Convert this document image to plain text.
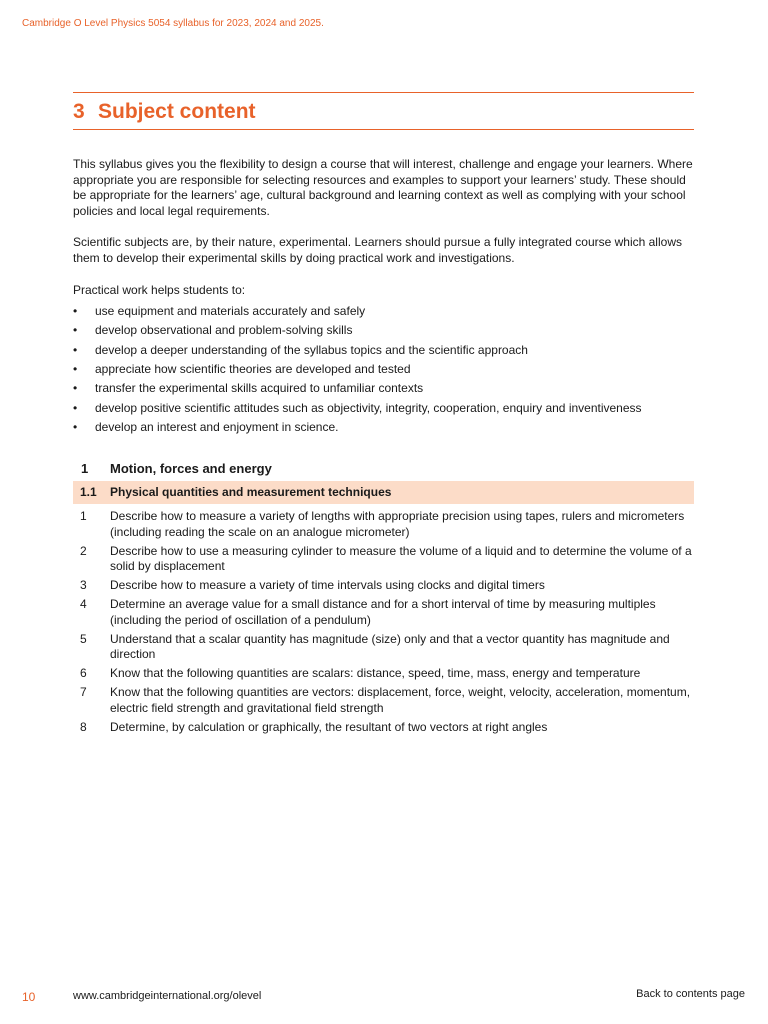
Cambridge O Level Physics 5054 syllabus for 2023, 2024 and 2025.
3 Subject content

This syllabus gives you the flexibility to design a course that will interest, challenge and engage your learners. Where appropriate you are responsible for selecting resources and examples to support your learners’ study. These should be appropriate for the learners’ age, cultural background and learning context as well as complying with your school policies and local legal requirements.

Scientific subjects are, by their nature, experimental. Learners should pursue a fully integrated course which allows them to develop their experimental skills by doing practical work and investigations.

Practical work helps students to:

• use equipment and materials accurately and safely
• develop observational and problem-solving skills
• develop a deeper understanding of the syllabus topics and the scientific approach
• appreciate how scientific theories are developed and tested
• transfer the experimental skills acquired to unfamiliar contexts
• develop positive scientific attitudes such as objectivity, integrity, cooperation, enquiry and inventiveness
• develop an interest and enjoyment in science.
1 Motion, forces and energy
1.1 Physical quantities and measurement techniques
1 Describe how to measure a variety of lengths with appropriate precision using tapes, rulers and micrometers (including reading the scale on an analogue micrometer)
2 Describe how to use a measuring cylinder to measure the volume of a liquid and to determine the volume of a solid by displacement
3 Describe how to measure a variety of time intervals using clocks and digital timers
4 Determine an average value for a small distance and for a short interval of time by measuring multiples (including the period of oscillation of a pendulum)
5 Understand that a scalar quantity has magnitude (size) only and that a vector quantity has magnitude and direction
6 Know that the following quantities are scalars: distance, speed, time, mass, energy and temperature
7 Know that the following quantities are vectors: displacement, force, weight, velocity, acceleration, momentum, electric field strength and gravitational field strength
8 Determine, by calculation or graphically, the resultant of two vectors at right angles
10	www.cambridgeinternational.org/olevel	Back to contents page
